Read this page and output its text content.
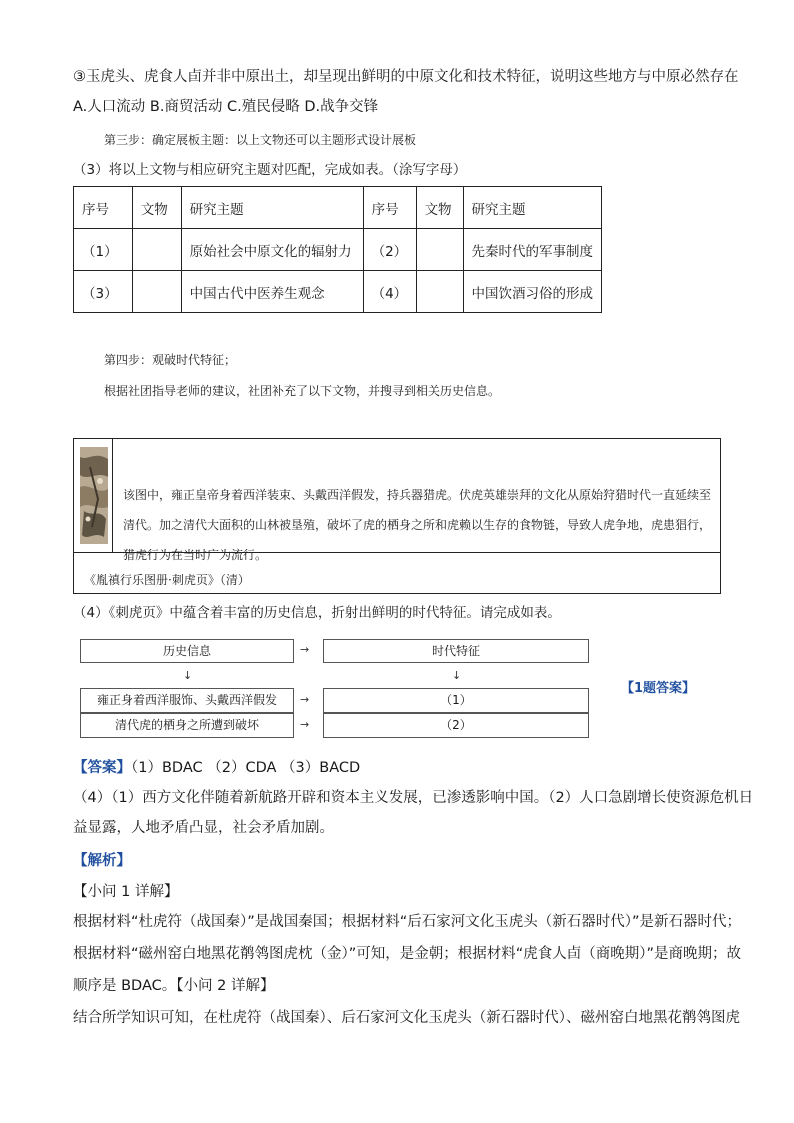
③玉虎头、虎食人卣并非中原出土，却呈现出鲜明的中原文化和技术特征，说明这些地方与中原必然存在
A.人口流动 B.商贸活动 C.殖民侵略 D.战争交锋
第三步：确定展板主题：以上文物还可以主题形式设计展板
（3）将以上文物与相应研究主题对匹配，完成如表。（涂写字母）
序号	文物	研究主题	序号	文物	研究主题
（1）		原始社会中原文化的辐射力	（2）		先秦时代的军事制度
（3）		中国古代中医养生观念	（4）		中国饮酒习俗的形成
第四步：观破时代特征；
根据社团指导老师的建议，社团补充了以下文物，并搜寻到相关历史信息。
该图中，雍正皇帝身着西洋装束、头戴西洋假发，持兵器猎虎。伏虎英雄崇拜的文化从原始狩猎时代一直延续至清代。加之清代大面积的山林被垦殖，破坏了虎的栖身之所和虎赖以生存的食物链，导致人虎争地，虎患猖行，猎虎行为在当时广为流行。
《胤禛行乐图册·刺虎页》（清）
（4）《刺虎页》中蕴含着丰富的历史信息，折射出鲜明的时代特征。请完成如表。
历史信息	→	时代特征
↓	↓
雍正身着西洋服饰、头戴西洋假发	→	（1）
清代虎的栖身之所遭到破坏	→	（2）
【1题答案】
【答案】（1）BDAC （2）CDA （3）BACD
（4）（1）西方文化伴随着新航路开辟和资本主义发展，已渗透影响中国。（2）人口急剧增长使资源危机日
益显露，人地矛盾凸显，社会矛盾加剧。
【解析】
【小问 1 详解】
根据材料“杜虎符（战国秦）”是战国秦国；根据材料“后石家河文化玉虎头（新石器时代）”是新石器时代；
根据材料“磁州窑白地黑花鹡鸰图虎枕（金）”可知，是金朝；根据材料“虎食人卣（商晚期）”是商晚期；故
顺序是 BDAC。【小问 2 详解】
结合所学知识可知，在杜虎符（战国秦）、后石家河文化玉虎头（新石器时代）、磁州窑白地黑花鹡鸰图虎
